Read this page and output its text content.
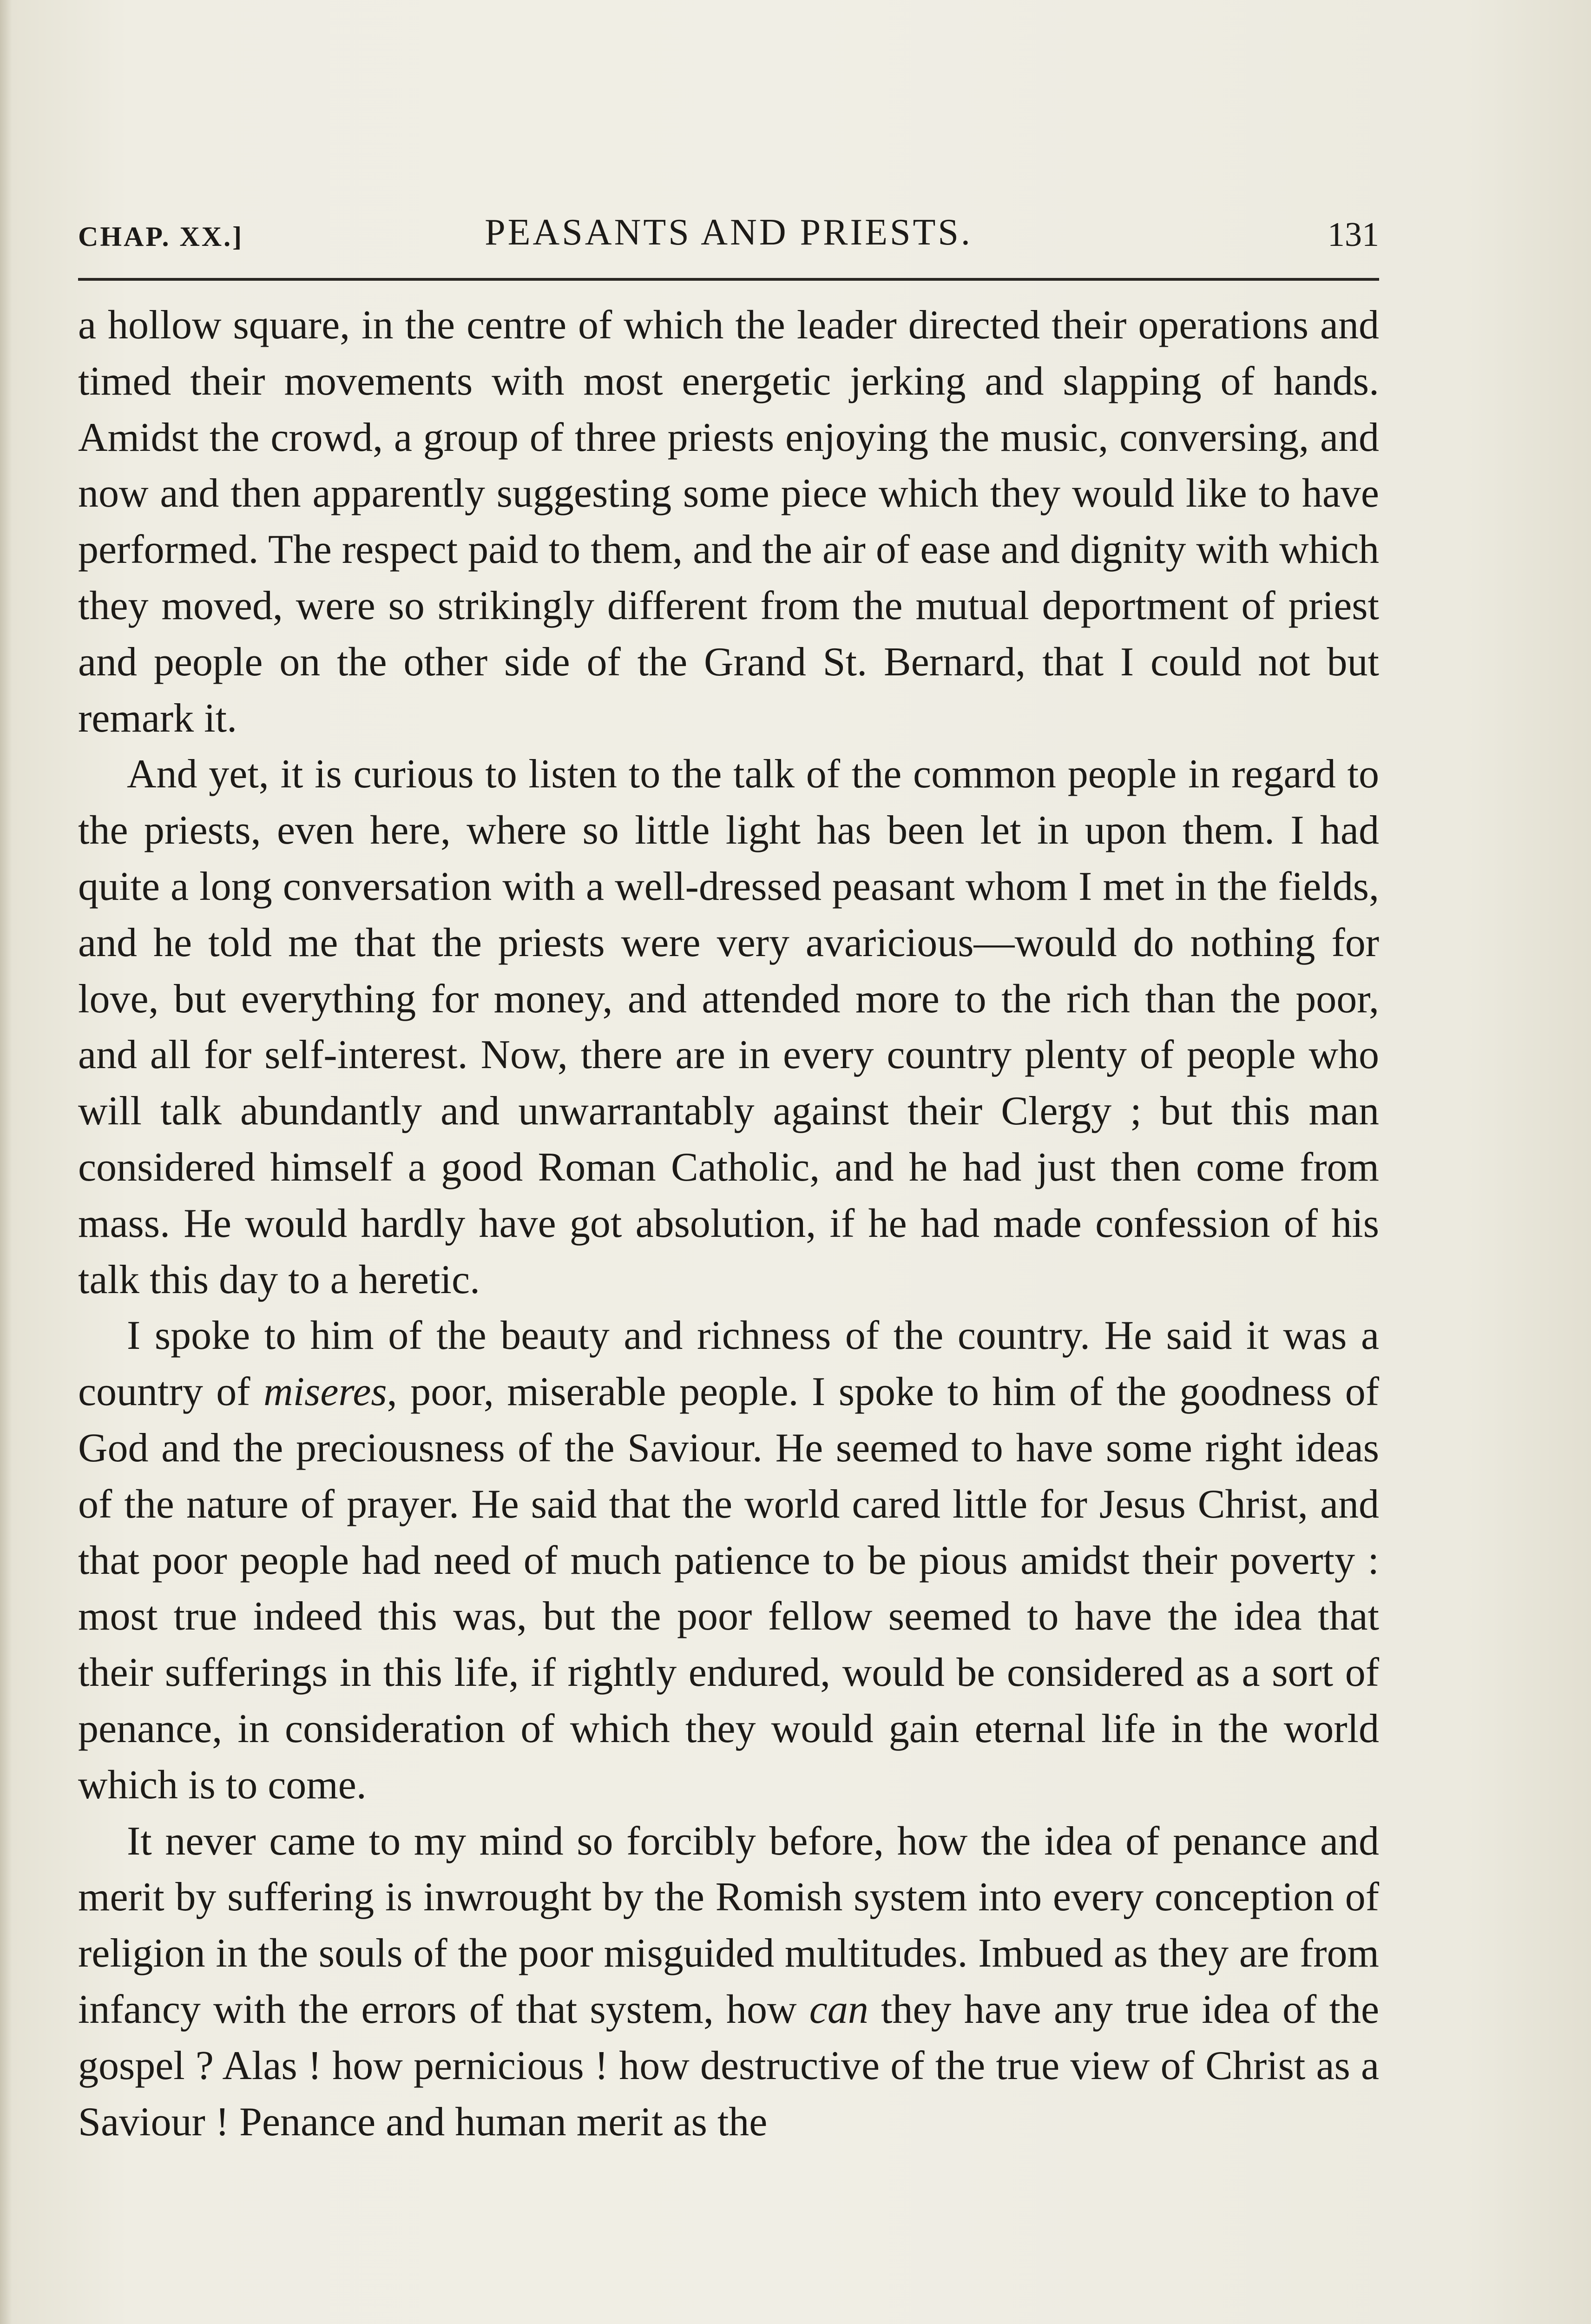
CHAP. XX.]	PEASANTS AND PRIESTS.	131

a hollow square, in the centre of which the leader directed their operations and timed their movements with most energetic jerking and slapping of hands. Amidst the crowd, a group of three priests enjoying the music, conversing, and now and then apparently suggesting some piece which they would like to have performed. The respect paid to them, and the air of ease and dignity with which they moved, were so strikingly different from the mutual deportment of priest and people on the other side of the Grand St. Bernard, that I could not but remark it.

And yet, it is curious to listen to the talk of the common people in regard to the priests, even here, where so little light has been let in upon them. I had quite a long conversation with a well-dressed peasant whom I met in the fields, and he told me that the priests were very avaricious—would do nothing for love, but everything for money, and attended more to the rich than the poor, and all for self-interest. Now, there are in every country plenty of people who will talk abundantly and unwarrantably against their Clergy ; but this man considered himself a good Roman Catholic, and he had just then come from mass. He would hardly have got absolution, if he had made confession of his talk this day to a heretic.

I spoke to him of the beauty and richness of the country. He said it was a country of miseres, poor, miserable people. I spoke to him of the goodness of God and the preciousness of the Saviour. He seemed to have some right ideas of the nature of prayer. He said that the world cared little for Jesus Christ, and that poor people had need of much patience to be pious amidst their poverty : most true indeed this was, but the poor fellow seemed to have the idea that their sufferings in this life, if rightly endured, would be considered as a sort of penance, in consideration of which they would gain eternal life in the world which is to come.

It never came to my mind so forcibly before, how the idea of penance and merit by suffering is inwrought by the Romish system into every conception of religion in the souls of the poor misguided multitudes. Imbued as they are from infancy with the errors of that system, how can they have any true idea of the gospel ? Alas ! how pernicious ! how destructive of the true view of Christ as a Saviour ! Penance and human merit as the
